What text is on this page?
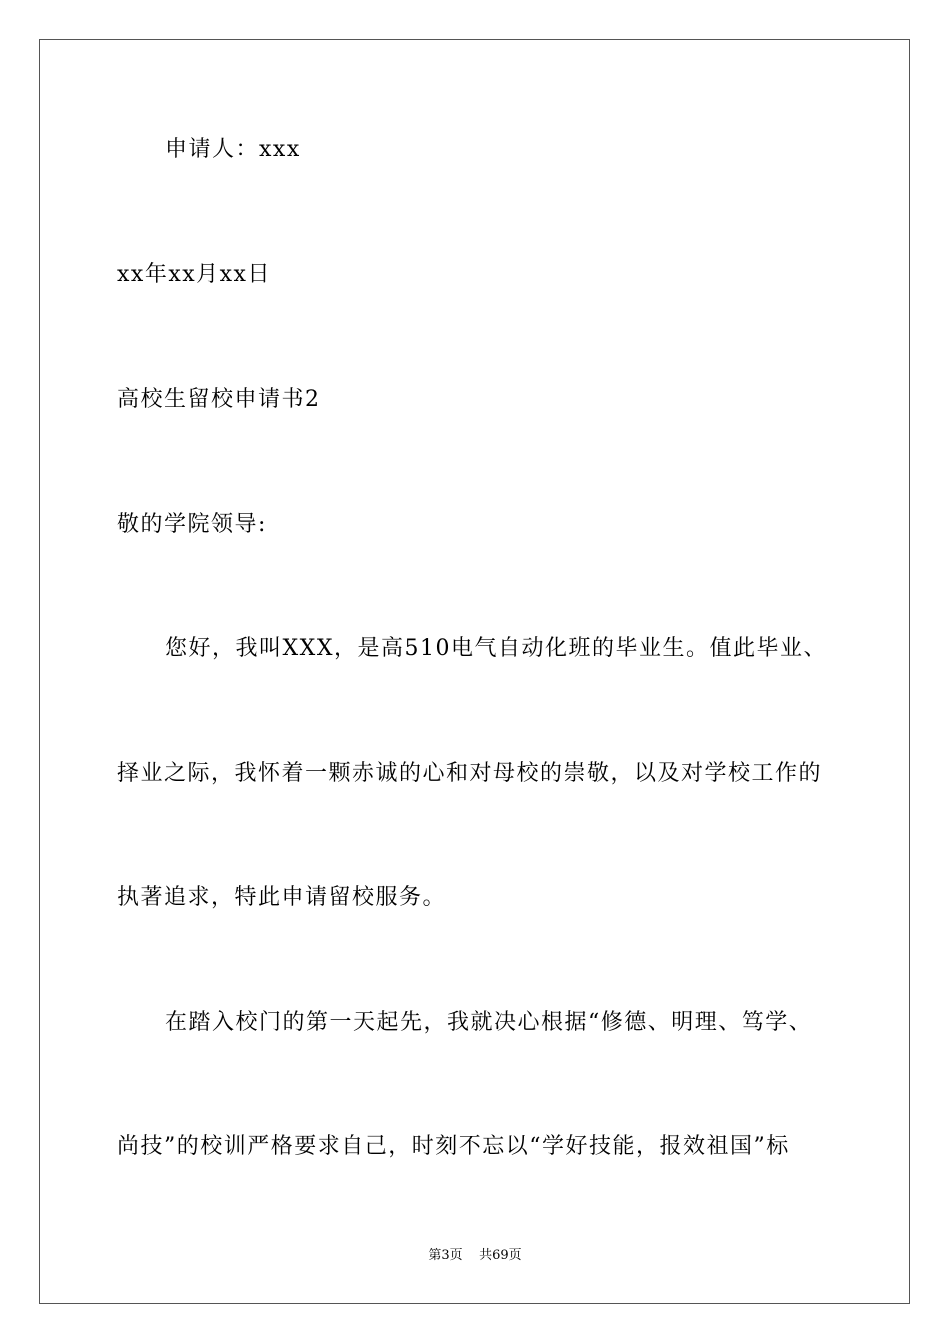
申请人：xxx
xx年xx月xx日
高校生留校申请书2
敬的学院领导:
您好，我叫XXX，是高510电气自动化班的毕业生。值此毕业、
择业之际，我怀着一颗赤诚的心和对母校的崇敬，以及对学校工作的
执著追求，特此申请留校服务。
在踏入校门的第一天起先，我就决心根据“修德、明理、笃学、
尚技”的校训严格要求自己，时刻不忘以“学好技能，报效祖国”标
第3页    共69页
